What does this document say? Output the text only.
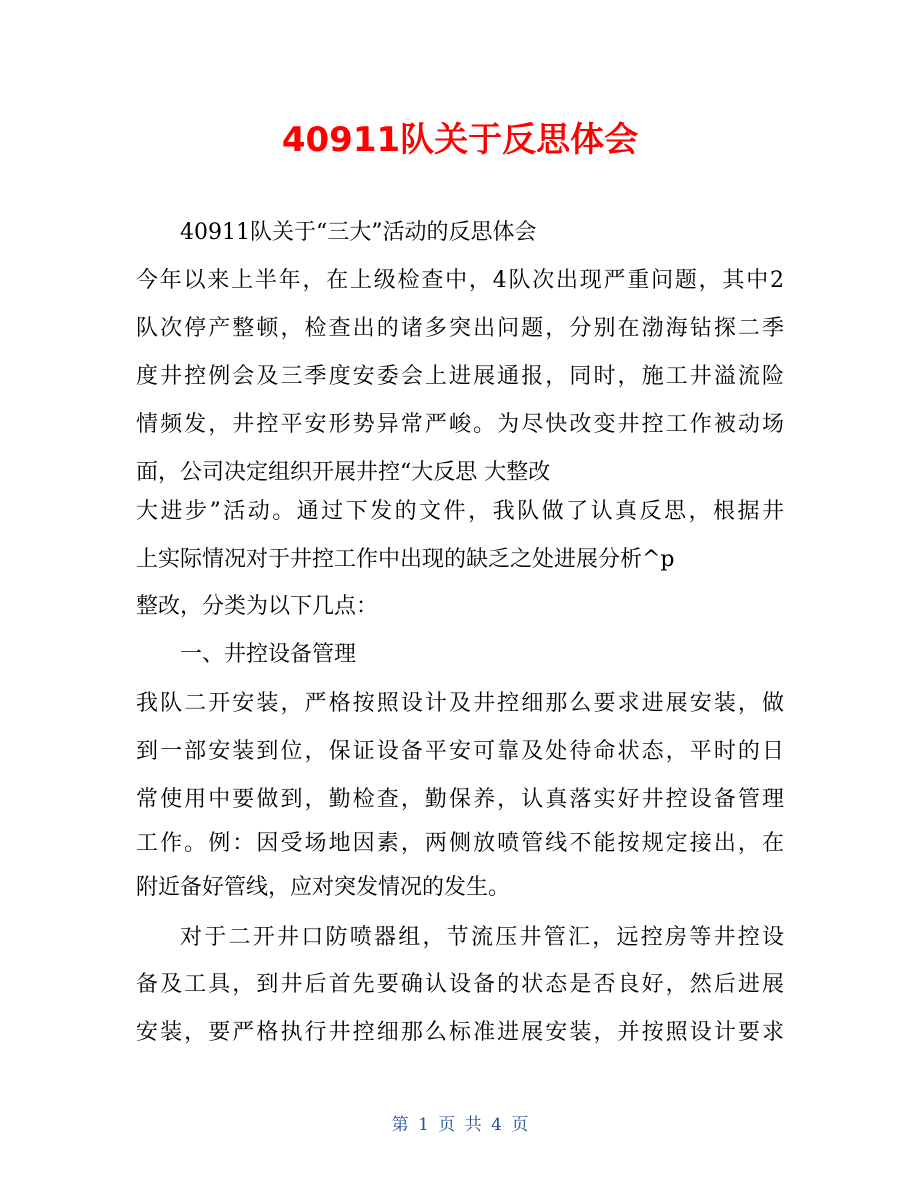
40911队关于反思体会

40911队关于“三大”活动的反思体会

今年以来上半年，在上级检查中，4队次出现严重问题，其中2

队次停产整顿，检查出的诸多突出问题，分别在渤海钻探二季

度井控例会及三季度安委会上进展通报，同时，施工井溢流险

情频发，井控平安形势异常严峻。为尽快改变井控工作被动场

面，公司决定组织开展井控“大反思 大整改

大进步”活动。通过下发的文件，我队做了认真反思，根据井

上实际情况对于井控工作中出现的缺乏之处进展分析^p

整改，分类为以下几点：

一、井控设备管理

我队二开安装，严格按照设计及井控细那么要求进展安装，做

到一部安装到位，保证设备平安可靠及处待命状态，平时的日

常使用中要做到，勤检查，勤保养，认真落实好井控设备管理

工作。例：因受场地因素，两侧放喷管线不能按规定接出，在

附近备好管线，应对突发情况的发生。

对于二开井口防喷器组，节流压井管汇，远控房等井控设

备及工具，到井后首先要确认设备的状态是否良好，然后进展

安装，要严格执行井控细那么标准进展安装，并按照设计要求

第 1 页 共 4 页
